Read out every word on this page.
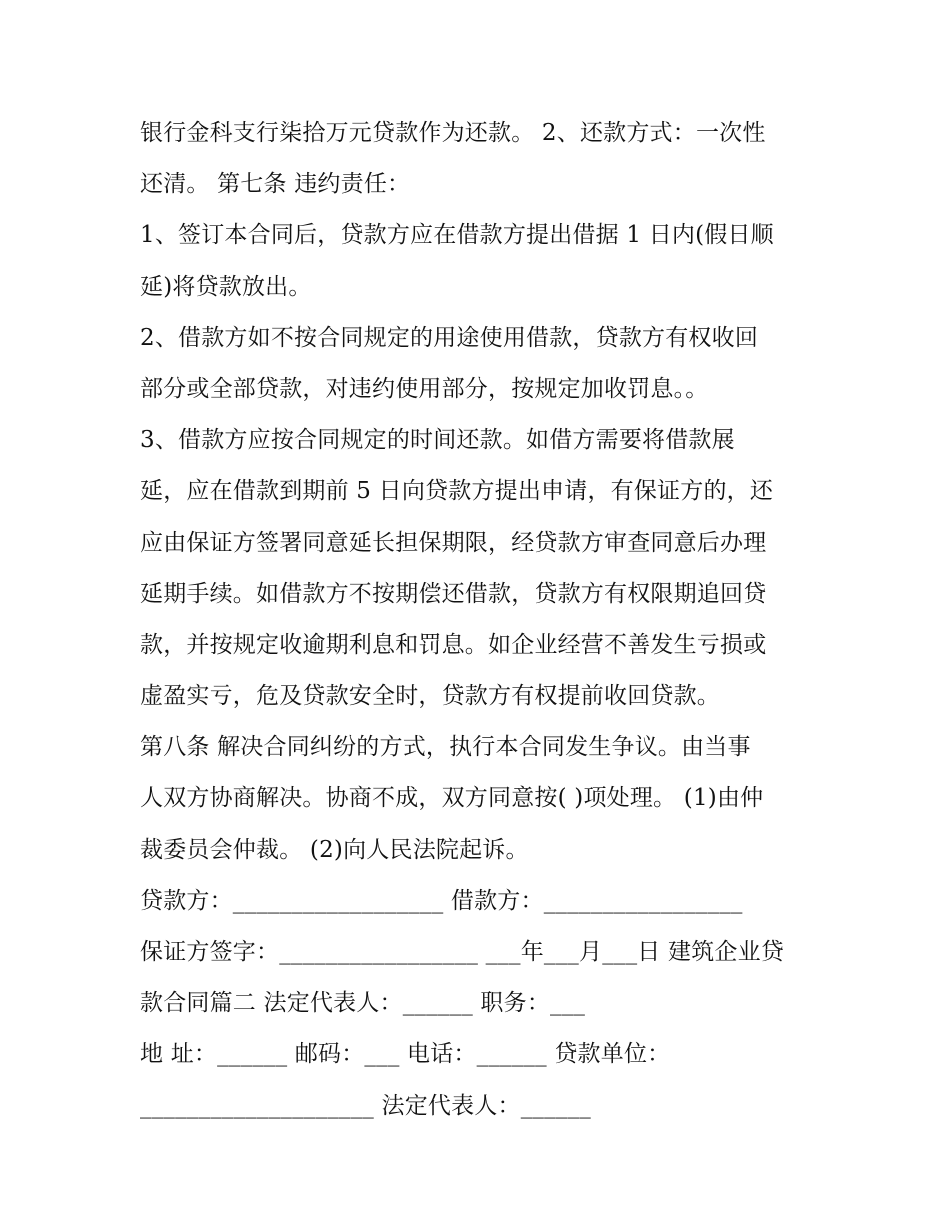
银行金科支行柒拾万元贷款作为还款。 2、还款方式：一次性
还清。 第七条 违约责任：
1、签订本合同后，贷款方应在借款方提出借据 1 日内(假日顺
延)将贷款放出。
2、借款方如不按合同规定的用途使用借款，贷款方有权收回
部分或全部贷款，对违约使用部分，按规定加收罚息。。
3、借款方应按合同规定的时间还款。如借方需要将借款展
延，应在借款到期前 5 日向贷款方提出申请，有保证方的，还
应由保证方签署同意延长担保期限，经贷款方审查同意后办理
延期手续。如借款方不按期偿还借款，贷款方有权限期追回贷
款，并按规定收逾期利息和罚息。如企业经营不善发生亏损或
虚盈实亏，危及贷款安全时，贷款方有权提前收回贷款。
第八条 解决合同纠纷的方式，执行本合同发生争议。由当事
人双方协商解决。协商不成，双方同意按( )项处理。 (1)由仲
裁委员会仲裁。 (2)向人民法院起诉。
贷款方：__________________ 借款方：_________________
保证方签字：_________________ ___年___月___日 建筑企业贷
款合同篇二 法定代表人：______ 职务：___
地 址：______ 邮码：___ 电话：______ 贷款单位：
____________________ 法定代表人：______
